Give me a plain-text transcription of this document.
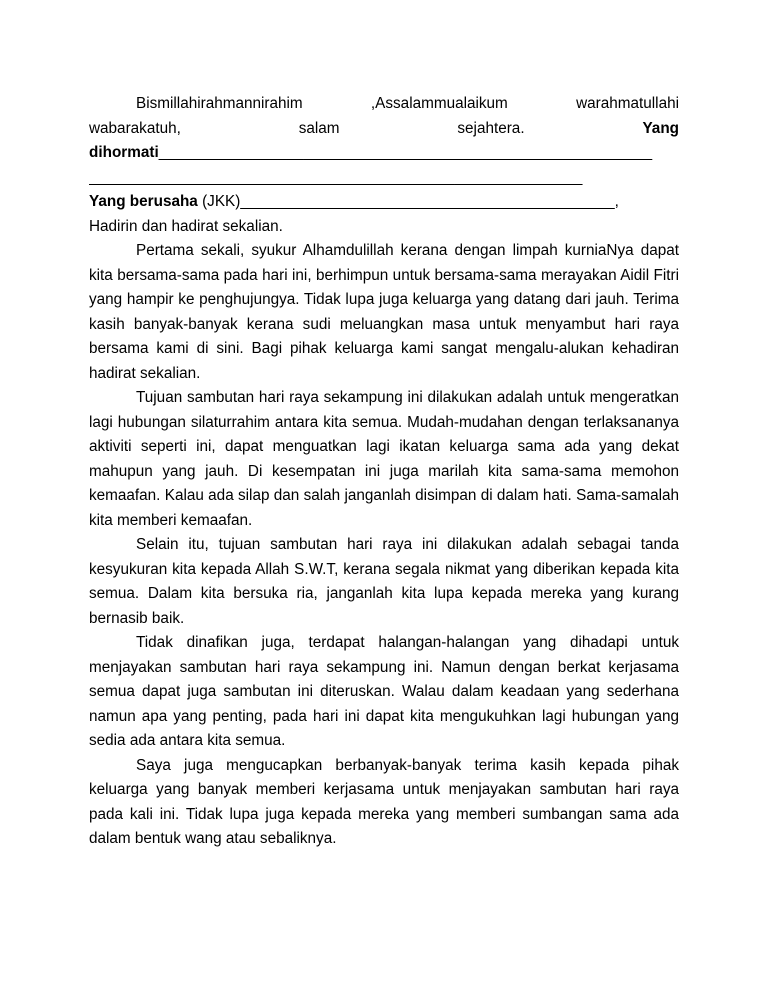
Bismillahirahmannirahim ,Assalammualaikum warahmatullahi

wabarakatuh, salam sejahtera.	Yang

dihormati__________________________________________________________

__________________________________________________________

Yang berusaha (JKK)____________________________________________,

Hadirin dan hadirat sekalian.

Pertama sekali, syukur Alhamdulillah kerana dengan limpah kurniaNya dapat kita bersama-sama pada hari ini, berhimpun untuk bersama-sama merayakan Aidil Fitri yang hampir ke penghujungya. Tidak lupa juga keluarga yang datang dari jauh. Terima kasih banyak-banyak kerana sudi meluangkan masa untuk menyambut hari raya bersama kami di sini. Bagi pihak keluarga kami sangat mengalu-alukan kehadiran hadirat sekalian.

Tujuan sambutan hari raya sekampung ini dilakukan adalah untuk mengeratkan lagi hubungan silaturrahim antara kita semua. Mudah-mudahan dengan terlaksananya aktiviti seperti ini, dapat menguatkan lagi ikatan keluarga sama ada yang dekat mahupun yang jauh. Di kesempatan ini juga marilah kita sama-sama memohon kemaafan. Kalau ada silap dan salah janganlah disimpan di dalam hati. Sama-samalah kita memberi kemaafan.

Selain itu, tujuan sambutan hari raya ini dilakukan adalah sebagai tanda kesyukuran kita kepada Allah S.W.T, kerana segala nikmat yang diberikan kepada kita semua. Dalam kita bersuka ria, janganlah kita lupa kepada mereka yang kurang bernasib baik.

Tidak dinafikan juga, terdapat halangan-halangan yang dihadapi untuk menjayakan sambutan hari raya sekampung ini. Namun dengan berkat kerjasama semua dapat juga sambutan ini diteruskan. Walau dalam keadaan yang sederhana namun apa yang penting, pada hari ini dapat kita mengukuhkan lagi hubungan yang sedia ada antara kita semua.

Saya juga mengucapkan berbanyak-banyak terima kasih kepada pihak keluarga yang banyak memberi kerjasama untuk menjayakan sambutan hari raya pada kali ini. Tidak lupa juga kepada mereka yang memberi sumbangan sama ada dalam bentuk wang atau sebaliknya.
